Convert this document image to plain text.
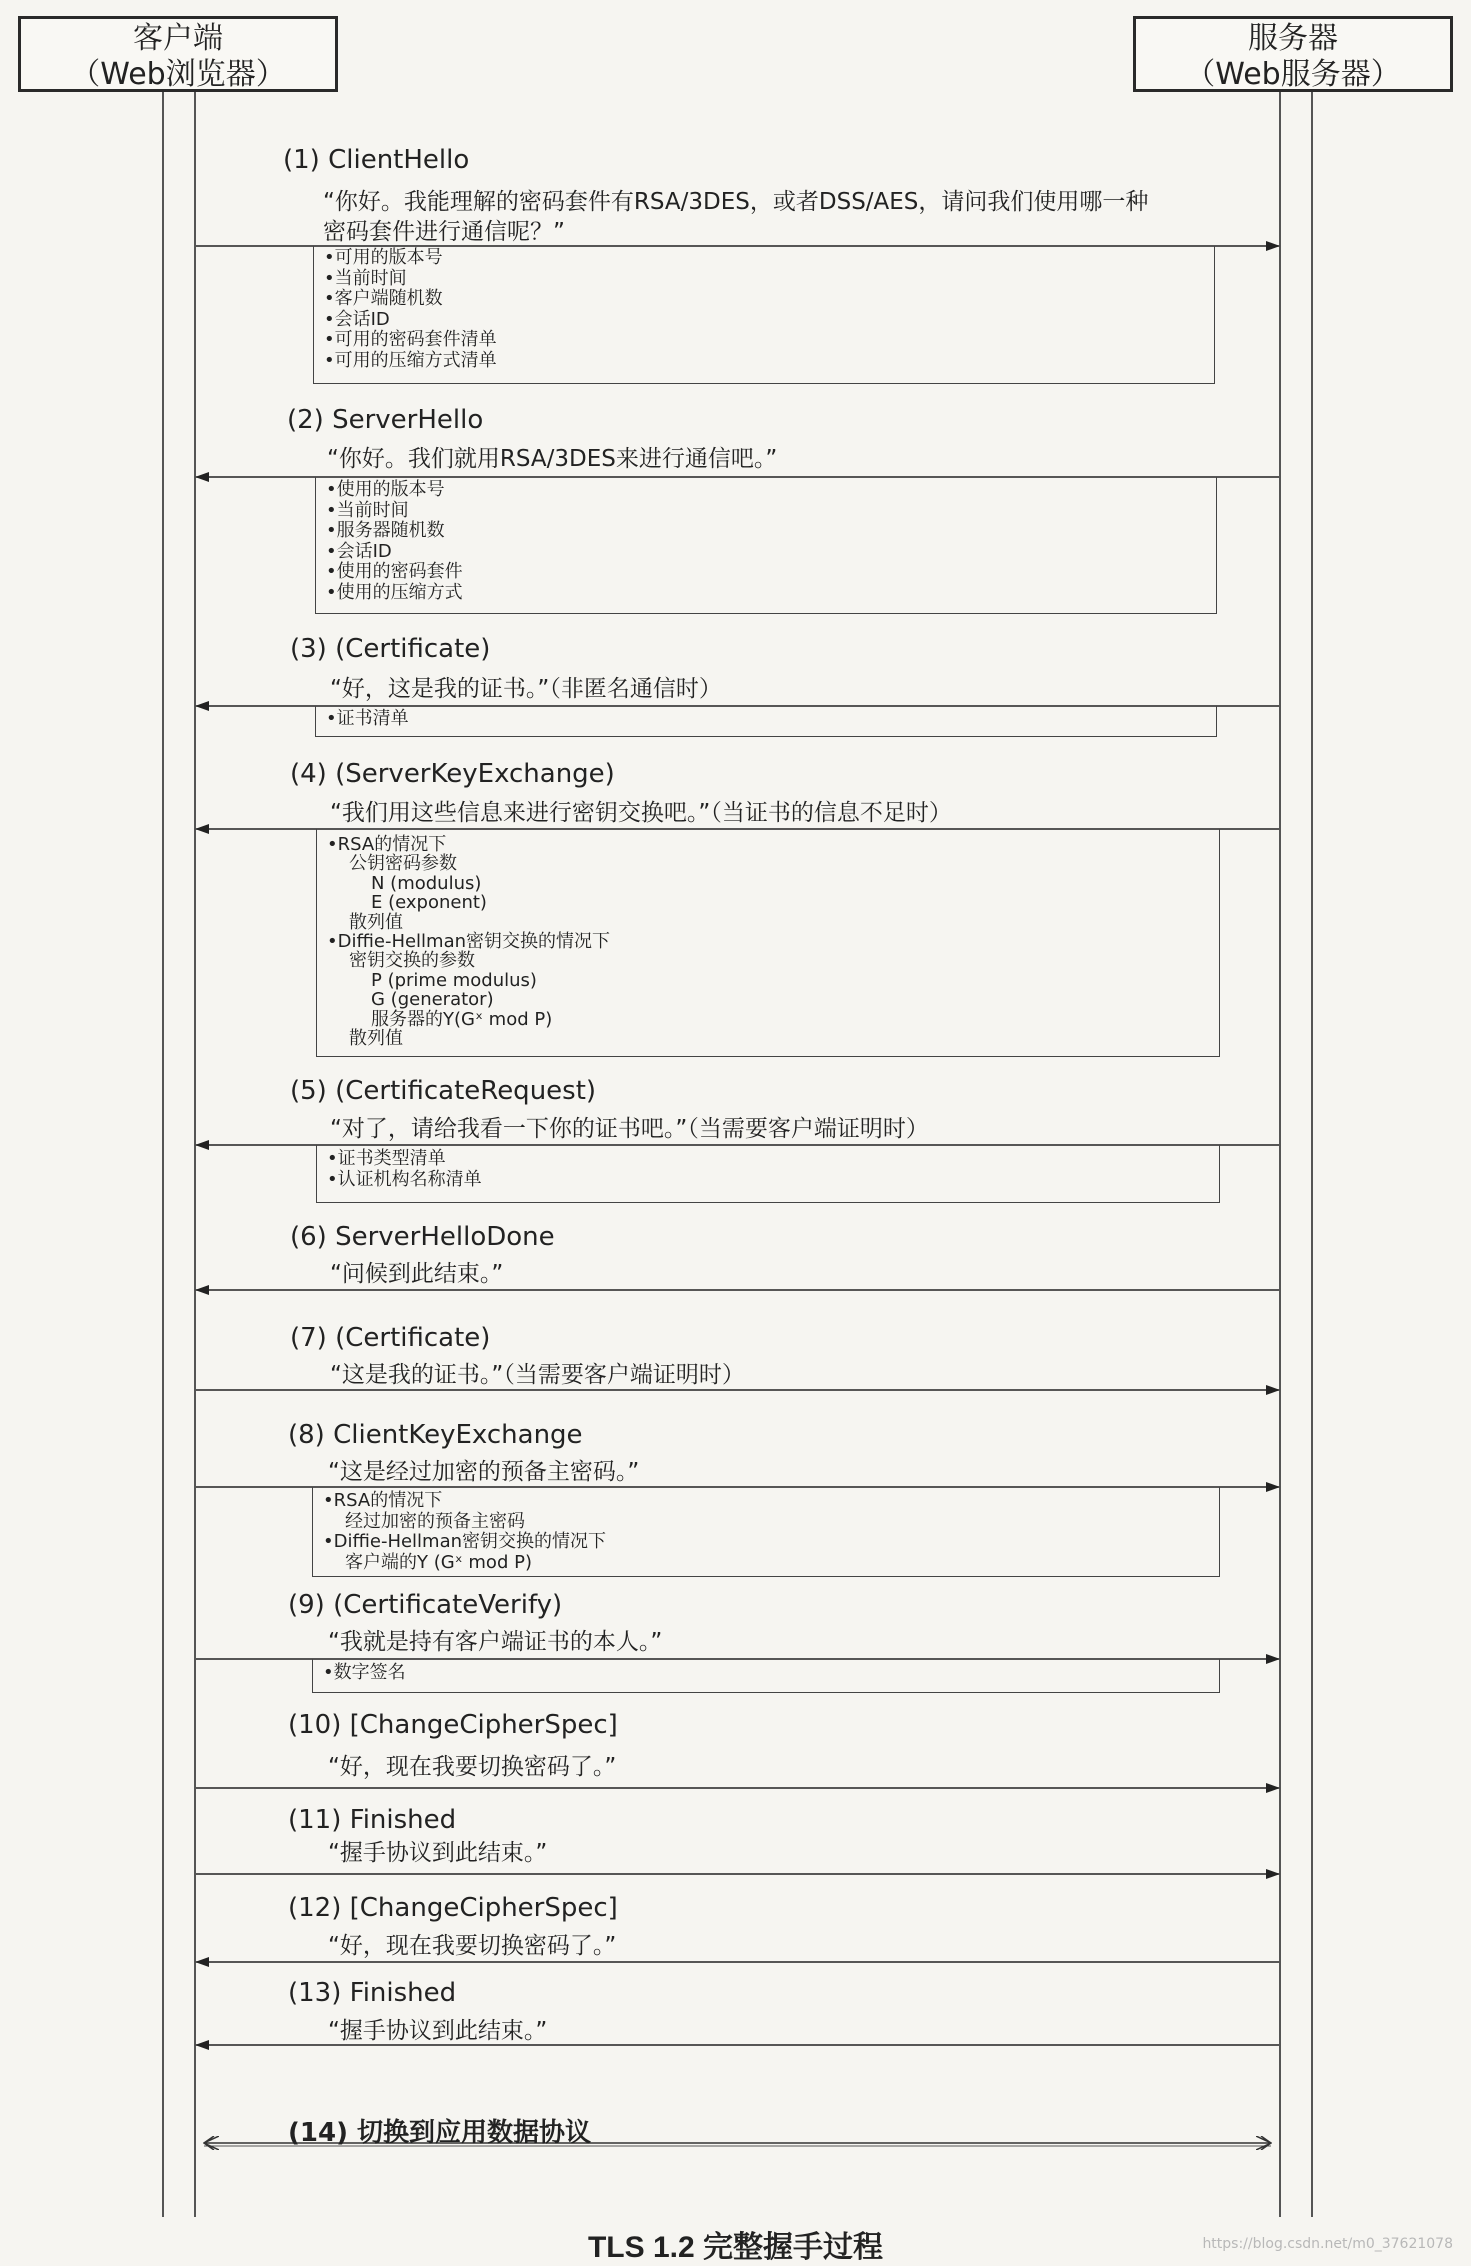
客户端
（Web浏览器）
服务器
（Web服务器）
(1) ClientHello
“你好。我能理解的密码套件有RSA/3DES，或者DSS/AES，请问我们使用哪一种
密码套件进行通信呢？”
•可用的版本号
•当前时间
•客户端随机数
•会话ID
•可用的密码套件清单
•可用的压缩方式清单
(2) ServerHello
“你好。我们就用RSA/3DES来进行通信吧。”
•使用的版本号
•当前时间
•服务器随机数
•会话ID
•使用的密码套件
•使用的压缩方式
(3) (Certificate)
“好，这是我的证书。”（非匿名通信时）
•证书清单
(4) (ServerKeyExchange)
“我们用这些信息来进行密钥交换吧。”（当证书的信息不足时）
•RSA的情况下
公钥密码参数
N (modulus)
E (exponent)
散列值
•Diffie-Hellman密钥交换的情况下
密钥交换的参数
P (prime modulus)
G (generator)
服务器的Y(Gˣ mod P)
散列值
(5) (CertificateRequest)
“对了，请给我看一下你的证书吧。”（当需要客户端证明时）
•证书类型清单
•认证机构名称清单
(6) ServerHelloDone
“问候到此结束。”
(7) (Certificate)
“这是我的证书。”（当需要客户端证明时）
(8) ClientKeyExchange
“这是经过加密的预备主密码。”
•RSA的情况下
经过加密的预备主密码
•Diffie-Hellman密钥交换的情况下
客户端的Y (Gˣ mod P)
(9) (CertificateVerify)
“我就是持有客户端证书的本人。”
•数字签名
(10) [ChangeCipherSpec]
“好，现在我要切换密码了。”
(11) Finished
“握手协议到此结束。”
(12) [ChangeCipherSpec]
“好，现在我要切换密码了。”
(13) Finished
“握手协议到此结束。”
(14) 切换到应用数据协议
TLS 1.2 完整握手过程	https://blog.csdn.net/m0_37621078
